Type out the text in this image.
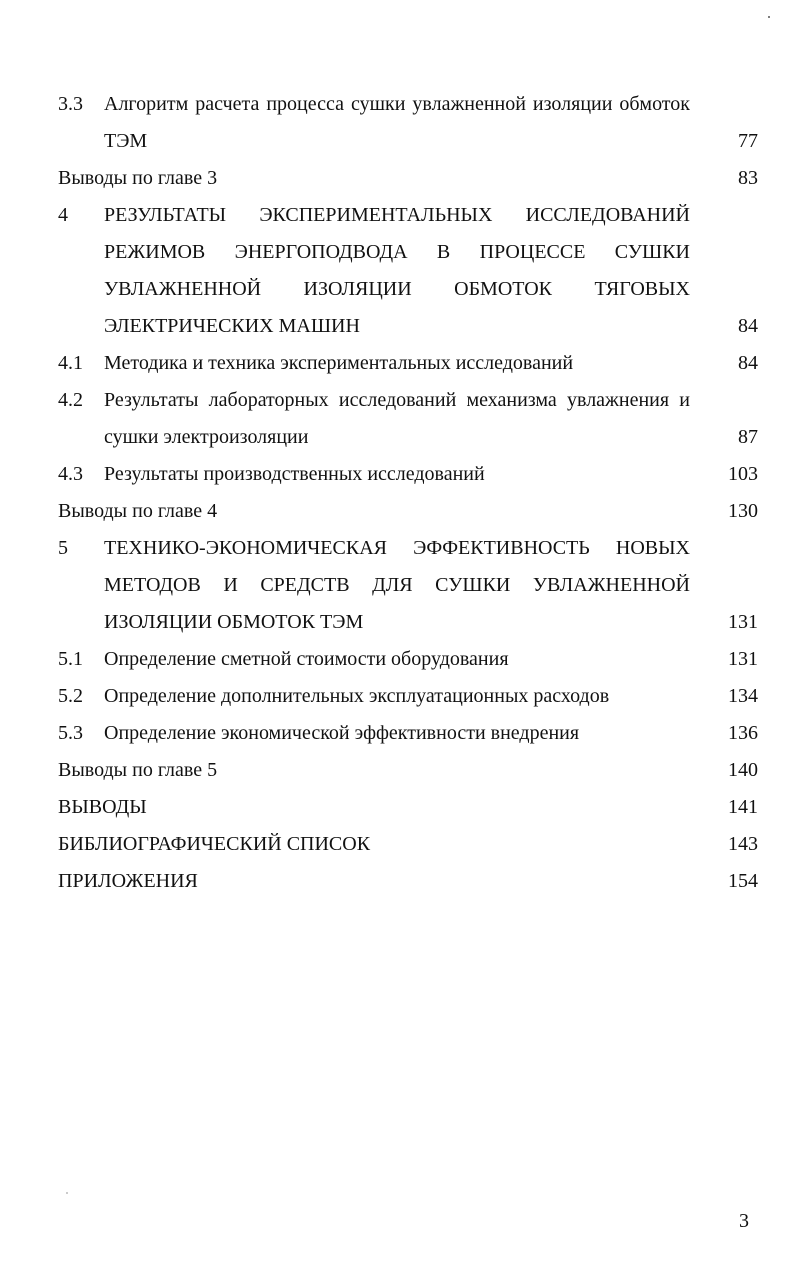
3.3	Алгоритм расчета процесса сушки увлажненной изоляции обмоток ТЭМ	77
Выводы по главе 3	83
4	РЕЗУЛЬТАТЫ ЭКСПЕРИМЕНТАЛЬНЫХ ИССЛЕДОВАНИЙ РЕЖИМОВ ЭНЕРГОПОДВОДА В ПРОЦЕССЕ СУШКИ УВЛАЖНЕННОЙ ИЗОЛЯЦИИ ОБМОТОК ТЯГОВЫХ ЭЛЕКТРИЧЕСКИХ МАШИН	84
4.1	Методика и техника экспериментальных исследований	84
4.2	Результаты лабораторных исследований механизма увлажнения и сушки электроизоляции	87
4.3	Результаты производственных исследований	103
Выводы по главе 4	130
5	ТЕХНИКО-ЭКОНОМИЧЕСКАЯ ЭФФЕКТИВНОСТЬ НОВЫХ МЕТОДОВ И СРЕДСТВ ДЛЯ СУШКИ УВЛАЖНЕННОЙ ИЗОЛЯЦИИ ОБМОТОК ТЭМ	131
5.1	Определение сметной стоимости оборудования	131
5.2	Определение дополнительных эксплуатационных расходов	134
5.3	Определение экономической эффективности внедрения	136
Выводы по главе 5	140
ВЫВОДЫ	141
БИБЛИОГРАФИЧЕСКИЙ СПИСОК	143
ПРИЛОЖЕНИЯ	154
3
